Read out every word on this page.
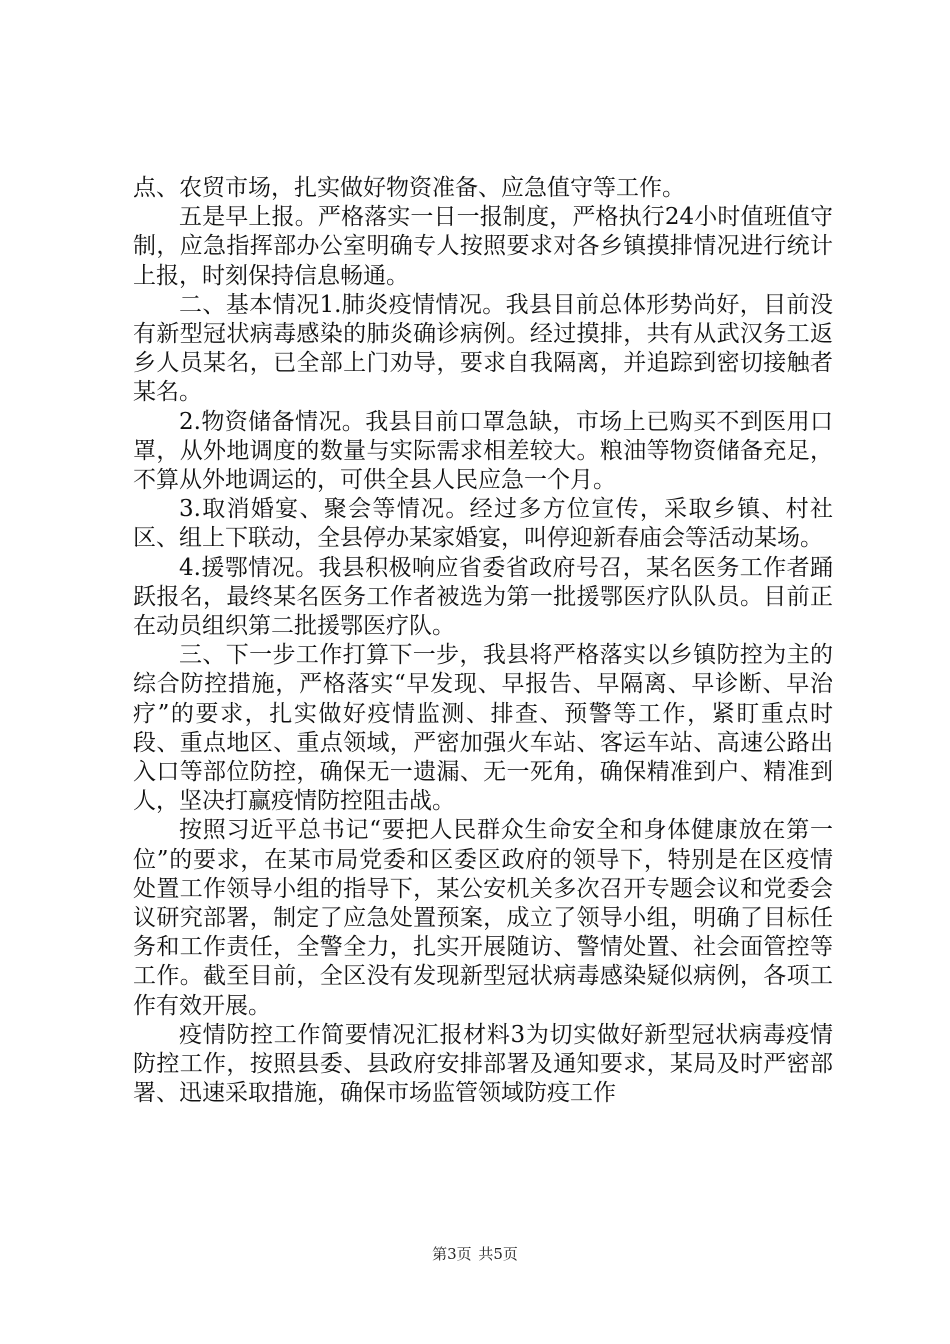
点、农贸市场，扎实做好物资准备、应急值守等工作。

五是早上报。严格落实一日一报制度，严格执行24小时值班值守制，应急指挥部办公室明确专人按照要求对各乡镇摸排情况进行统计上报，时刻保持信息畅通。

二、基本情况1.肺炎疫情情况。我县目前总体形势尚好，目前没有新型冠状病毒感染的肺炎确诊病例。经过摸排，共有从武汉务工返乡人员某名，已全部上门劝导，要求自我隔离，并追踪到密切接触者某名。

2.物资储备情况。我县目前口罩急缺，市场上已购买不到医用口罩，从外地调度的数量与实际需求相差较大。粮油等物资储备充足，不算从外地调运的，可供全县人民应急一个月。

3.取消婚宴、聚会等情况。经过多方位宣传，采取乡镇、村社区、组上下联动，全县停办某家婚宴，叫停迎新春庙会等活动某场。

4.援鄂情况。我县积极响应省委省政府号召，某名医务工作者踊跃报名，最终某名医务工作者被选为第一批援鄂医疗队队员。目前正在动员组织第二批援鄂医疗队。

三、下一步工作打算下一步，我县将严格落实以乡镇防控为主的综合防控措施，严格落实“早发现、早报告、早隔离、早诊断、早治疗”的要求，扎实做好疫情监测、排查、预警等工作，紧盯重点时段、重点地区、重点领域，严密加强火车站、客运车站、高速公路出入口等部位防控，确保无一遗漏、无一死角，确保精准到户、精准到人，坚决打赢疫情防控阻击战。

按照习近平总书记“要把人民群众生命安全和身体健康放在第一位”的要求，在某市局党委和区委区政府的领导下，特别是在区疫情处置工作领导小组的指导下，某公安机关多次召开专题会议和党委会议研究部署，制定了应急处置预案，成立了领导小组，明确了目标任务和工作责任，全警全力，扎实开展随访、警情处置、社会面管控等工作。截至目前，全区没有发现新型冠状病毒感染疑似病例，各项工作有效开展。

疫情防控工作简要情况汇报材料3为切实做好新型冠状病毒疫情防控工作，按照县委、县政府安排部署及通知要求，某局及时严密部署、迅速采取措施，确保市场监管领域防疫工作

第3页 共5页
